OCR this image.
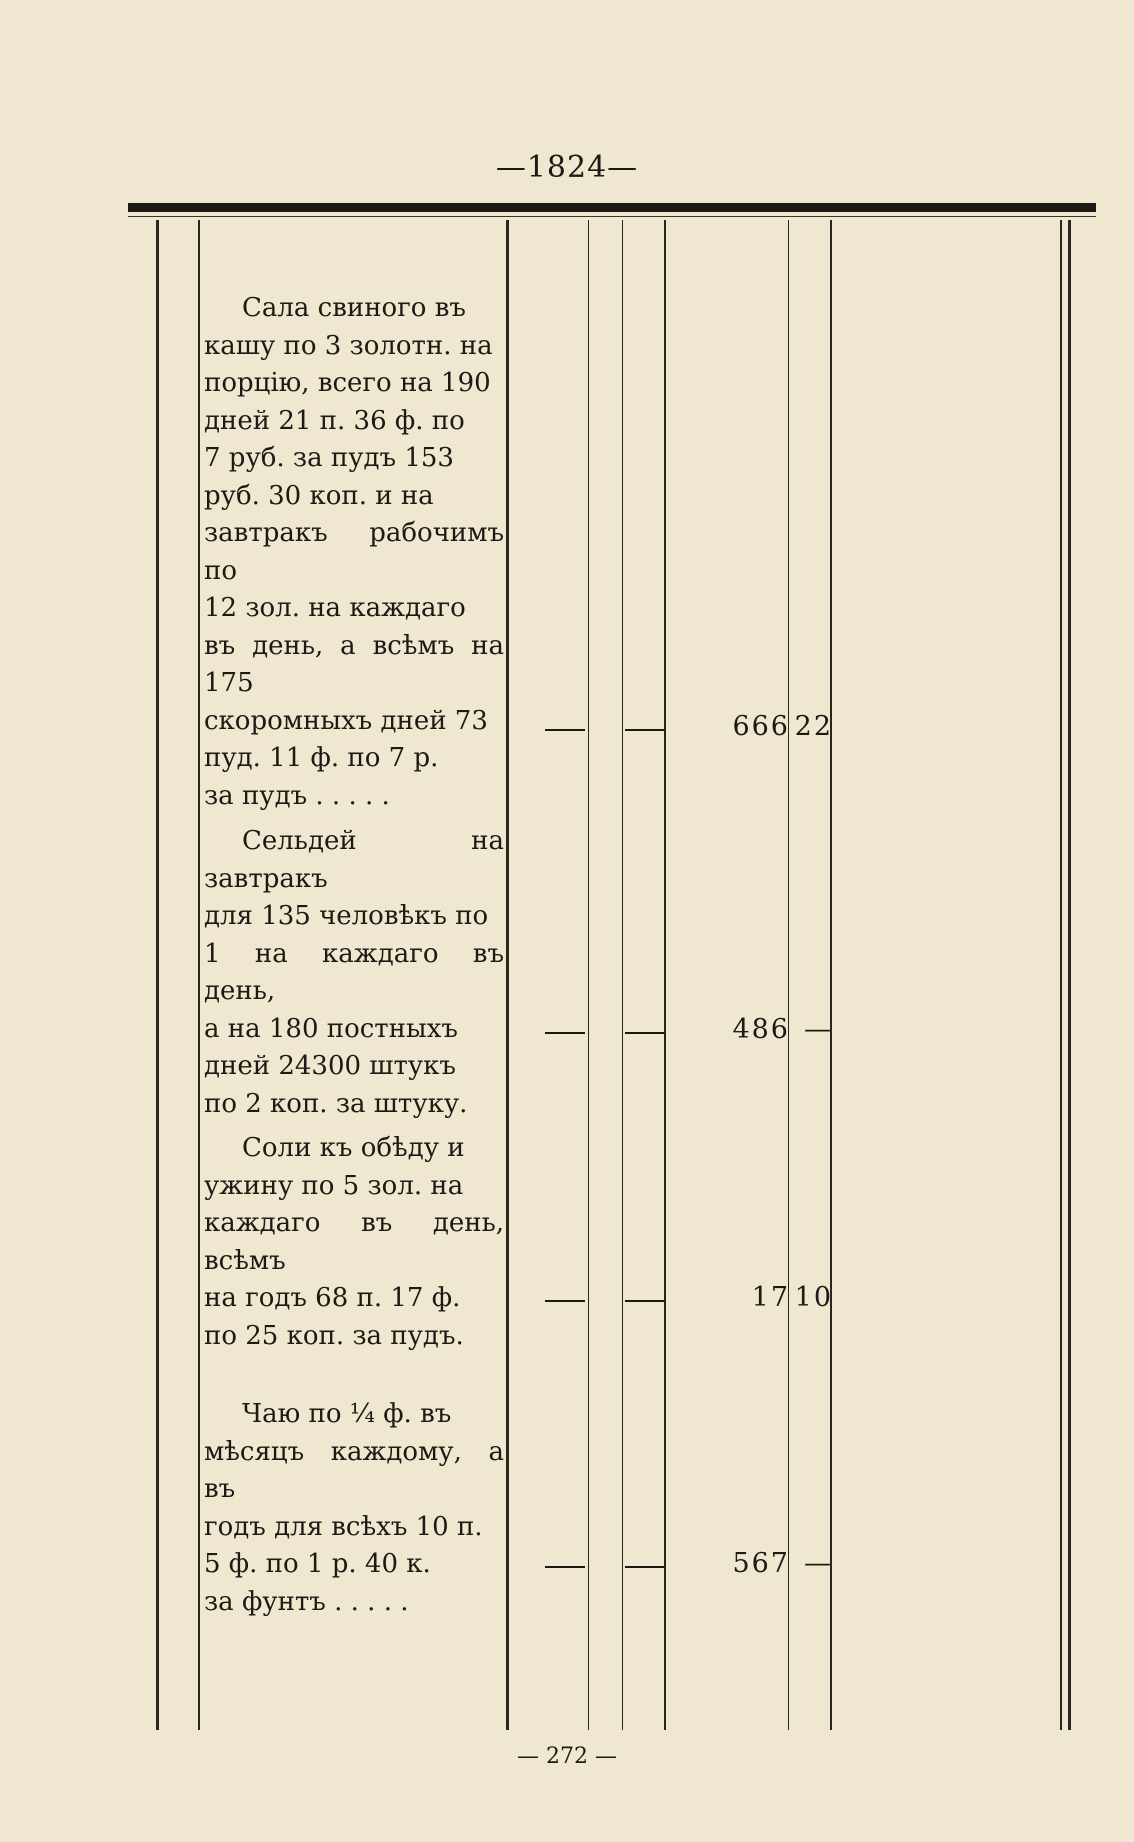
—1824—
Сала свиного въ
кашу по 3 золотн. на
порцію, всего на 190
дней 21 п. 36 ф. по
7 руб. за пудъ 153
руб. 30 коп. и на
завтракъ рабочимъ по
12 зол. на каждаго
въ день, а всѣмъ на 175
скоромныхъ дней 73
пуд. 11 ф. по 7 р.
за пудъ . . . . .
666 22
Сельдей на завтракъ
для 135 человѣкъ по
1 на каждаго въ день,
а на 180 постныхъ
дней 24300 штукъ
по 2 коп. за штуку.
486 —
Соли къ обѣду и
ужину по 5 зол. на
каждаго въ день, всѣмъ
на годъ 68 п. 17 ф.
по 25 коп. за пудъ.
17 10
Чаю по ¼ ф. въ
мѣсяцъ каждому, а въ
годъ для всѣхъ 10 п.
5 ф. по 1 р. 40 к.
за фунтъ . . . . .
567 —
— 272 —
